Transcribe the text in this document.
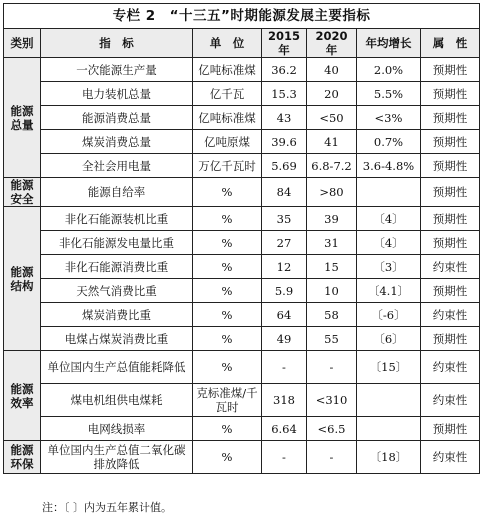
专栏 2　“十三五”时期能源发展主要指标						
类别	指　标	单　位	2015 年	2020 年	年均增长	属　性
能源总量	一次能源生产量	亿吨标准煤	36.2	40	2.0%	预期性
	电力装机总量	亿千瓦	15.3	20	5.5%	预期性
	能源消费总量	亿吨标准煤	43	<50	<3%	预期性
	煤炭消费总量	亿吨原煤	39.6	41	0.7%	预期性
	全社会用电量	万亿千瓦时	5.69	6.8-7.2	3.6-4.8%	预期性
能源安全	能源自给率	%	84	>80		预期性
能源结构	非化石能源装机比重	%	35	39	〔4〕	预期性
	非化石能源发电量比重	%	27	31	〔4〕	预期性
	非化石能源消费比重	%	12	15	〔3〕	约束性
	天然气消费比重	%	5.9	10	〔4.1〕	预期性
	煤炭消费比重	%	64	58	〔-6〕	约束性
	电煤占煤炭消费比重	%	49	55	〔6〕	预期性
能源效率	单位国内生产总值能耗降低	%	-	-	〔15〕	约束性
	煤电机组供电煤耗	克标准煤/千瓦时	318	<310		约束性
	电网线损率	%	6.64	<6.5		预期性
能源环保	单位国内生产总值二氧化碳排放降低	%	-	-	〔18〕	约束性
注：〔 〕内为五年累计值。
